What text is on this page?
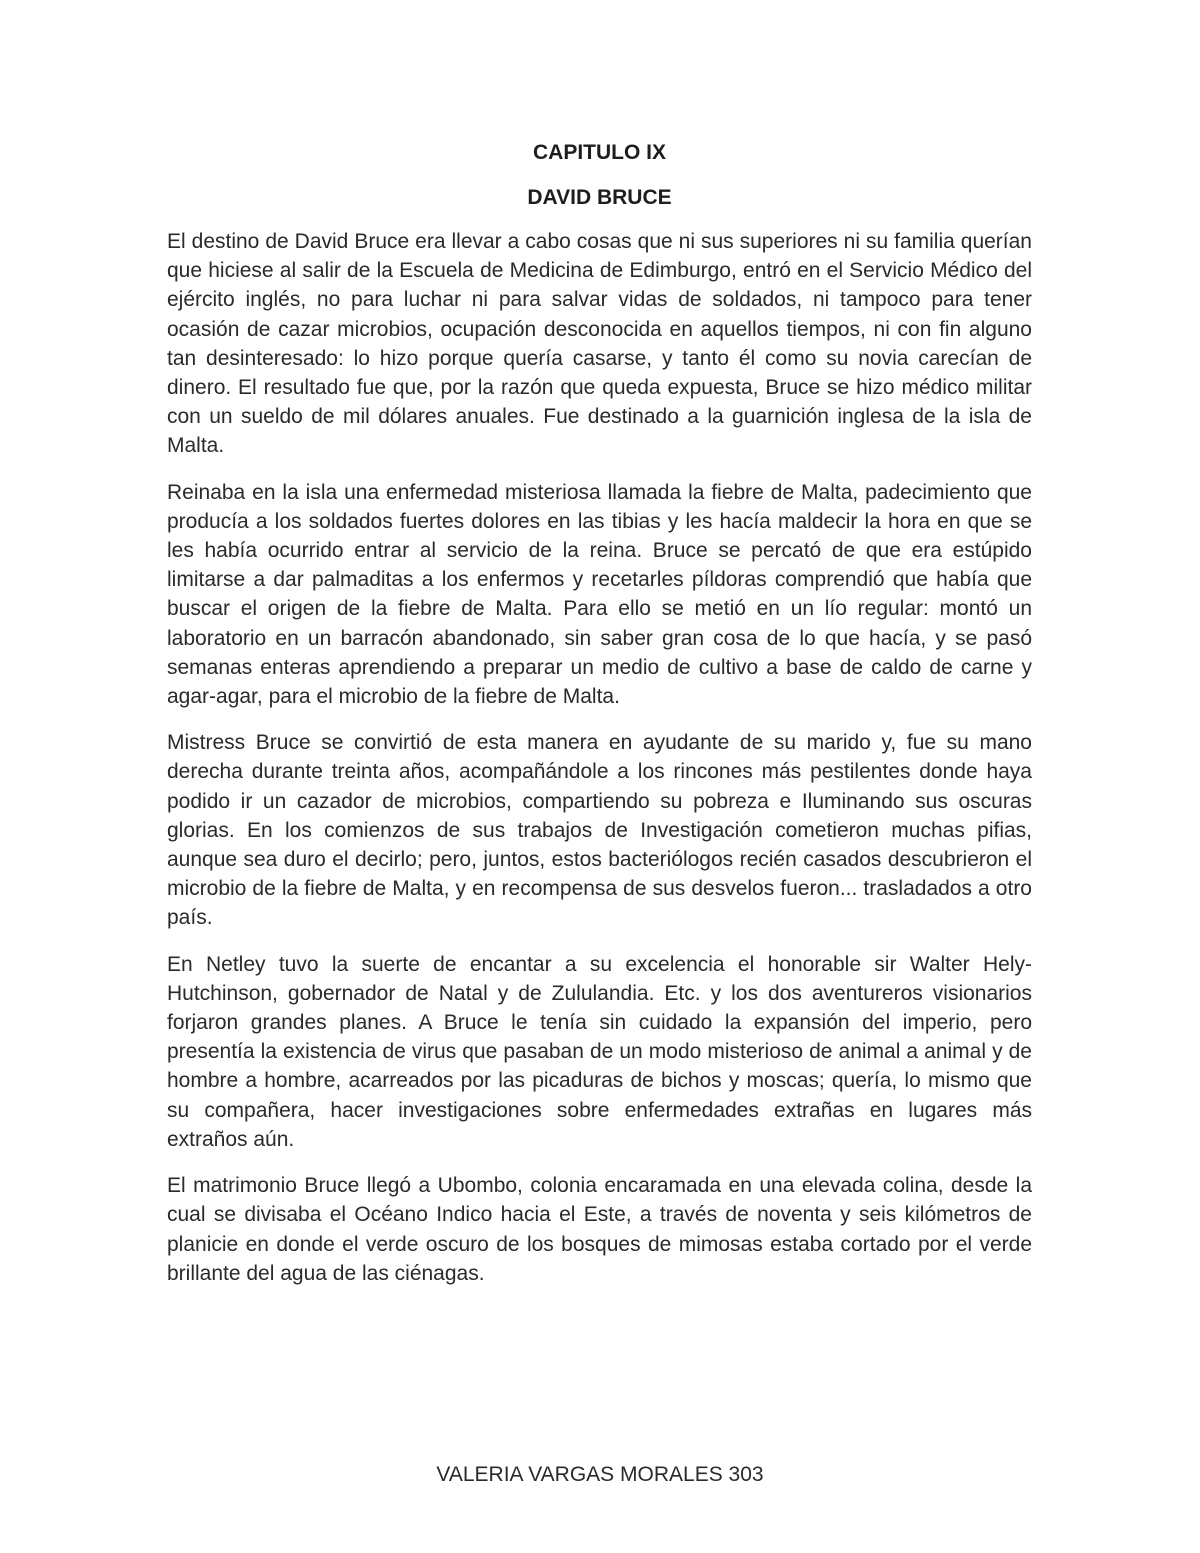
CAPITULO IX
DAVID BRUCE

El destino de David Bruce era llevar a cabo cosas que ni sus superiores ni su familia querían que hiciese al salir de la Escuela de Medicina de Edimburgo, entró en el Servicio Médico del ejército inglés, no para luchar ni para salvar vidas de soldados, ni tampoco para tener ocasión de cazar microbios, ocupación desconocida en aquellos tiempos, ni con fin alguno tan desinteresado: lo hizo porque quería casarse, y tanto él como su novia carecían de dinero. El resultado fue que, por la razón que queda expuesta, Bruce se hizo médico militar con un sueldo de mil dólares anuales. Fue destinado a la guarnición inglesa de la isla de Malta.

Reinaba en la isla una enfermedad misteriosa llamada la fiebre de Malta, padecimiento que producía a los soldados fuertes dolores en las tibias y les hacía maldecir la hora en que se les había ocurrido entrar al servicio de la reina. Bruce se percató de que era estúpido limitarse a dar palmaditas a los enfermos y recetarles píldoras comprendió que había que buscar el origen de la fiebre de Malta. Para ello se metió en un lío regular: montó un laboratorio en un barracón abandonado, sin saber gran cosa de lo que hacía, y se pasó semanas enteras aprendiendo a preparar un medio de cultivo a base de caldo de carne y agar-agar, para el microbio de la fiebre de Malta.

Mistress Bruce se convirtió de esta manera en ayudante de su marido y, fue su mano derecha durante treinta años, acompañándole a los rincones más pestilentes donde haya podido ir un cazador de microbios, compartiendo su pobreza e Iluminando sus oscuras glorias. En los comienzos de sus trabajos de Investigación cometieron muchas pifias, aunque sea duro el decirlo; pero, juntos, estos bacteriólogos recién casados descubrieron el microbio de la fiebre de Malta, y en recompensa de sus desvelos fueron... trasladados a otro país.

En Netley tuvo la suerte de encantar a su excelencia el honorable sir Walter Hely-Hutchinson, gobernador de Natal y de Zululandia. Etc. y los dos aventureros visionarios forjaron grandes planes. A Bruce le tenía sin cuidado la expansión del imperio, pero presentía la existencia de virus que pasaban de un modo misterioso de animal a animal y de hombre a hombre, acarreados por las picaduras de bichos y moscas; quería, lo mismo que su compañera, hacer investigaciones sobre enfermedades extrañas en lugares más extraños aún.

El matrimonio Bruce llegó a Ubombo, colonia encaramada en una elevada colina, desde la cual se divisaba el Océano Indico hacia el Este, a través de noventa y seis kilómetros de planicie en donde el verde oscuro de los bosques de mimosas estaba cortado por el verde brillante del agua de las ciénagas.

VALERIA VARGAS MORALES 303
